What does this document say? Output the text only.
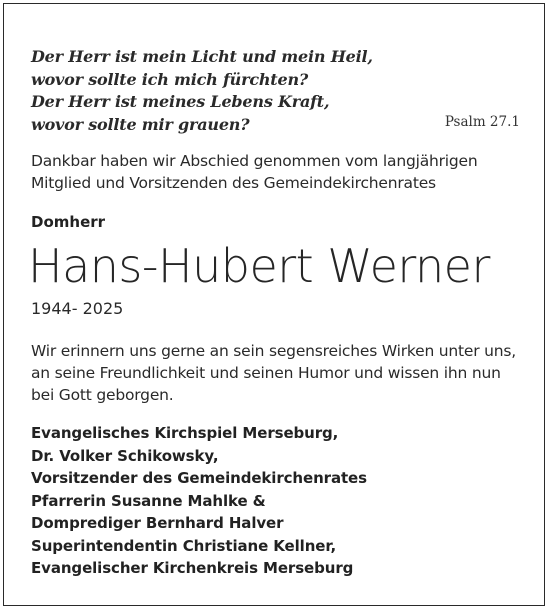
Der Herr ist mein Licht und mein Heil,
wovor sollte ich mich fürchten?
Der Herr ist meines Lebens Kraft,
wovor sollte mir grauen?	Psalm 27.1
Dankbar haben wir Abschied genommen vom langjährigen Mitglied und Vorsitzenden des Gemeindekirchenrates
Domherr
Hans-Hubert Werner
1944- 2025
Wir erinnern uns gerne an sein segensreiches Wirken unter uns, an seine Freundlichkeit und seinen Humor und wissen ihn nun bei Gott geborgen.
Evangelisches Kirchspiel Merseburg,
Dr. Volker Schikowsky,
Vorsitzender des Gemeindekirchenrates
Pfarrerin Susanne Mahlke &
Domprediger Bernhard Halver
Superintendentin Christiane Kellner,
Evangelischer Kirchenkreis Merseburg
